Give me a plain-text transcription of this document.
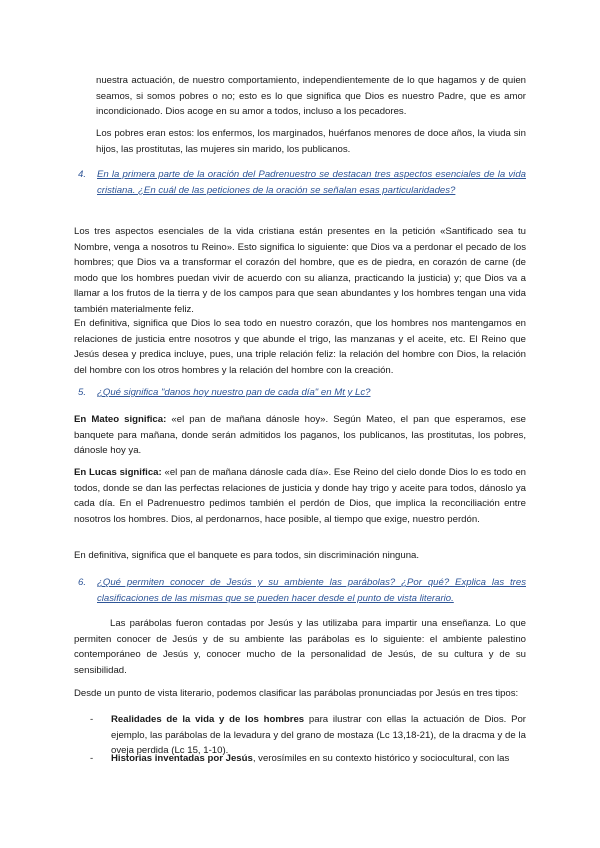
nuestra actuación, de nuestro comportamiento, independientemente de lo que hagamos y de quien seamos, si somos pobres o no; esto es lo que significa que Dios es nuestro Padre, que es amor incondicionado. Dios acoge en su amor a todos, incluso a los pecadores.

Los pobres eran estos: los enfermos, los marginados, huérfanos menores de doce años, la viuda sin hijos, las prostitutas, las mujeres sin marido, los publicanos.

4. En la primera parte de la oración del Padrenuestro se destacan tres aspectos esenciales de la vida cristiana. ¿En cuál de las peticiones de la oración se señalan esas particularidades?

Los tres aspectos esenciales de la vida cristiana están presentes en la petición «Santificado sea tu Nombre, venga a nosotros tu Reino». Esto significa lo siguiente: que Dios va a perdonar el pecado de los hombres; que Dios va a transformar el corazón del hombre, que es de piedra, en corazón de carne (de modo que los hombres puedan vivir de acuerdo con su alianza, practicando la justicia) y; que Dios va a llamar a los frutos de la tierra y de los campos para que sean abundantes y los hombres tengan una vida también materialmente feliz.

En definitiva, significa que Dios lo sea todo en nuestro corazón, que los hombres nos mantengamos en relaciones de justicia entre nosotros y que abunde el trigo, las manzanas y el aceite, etc. El Reino que Jesús desea y predica incluye, pues, una triple relación feliz: la relación del hombre con Dios, la relación del hombre con los otros hombres y la relación del hombre con la creación.

5. ¿Qué significa "danos hoy nuestro pan de cada día" en Mt y Lc?

En Mateo significa: «el pan de mañana dánosle hoy». Según Mateo, el pan que esperamos, ese banquete para mañana, donde serán admitidos los paganos, los publicanos, las prostitutas, los pobres, dánosle hoy ya.

En Lucas significa: «el pan de mañana dánosle cada día». Ese Reino del cielo donde Dios lo es todo en todos, donde se dan las perfectas relaciones de justicia y donde hay trigo y aceite para todos, dánoslo ya cada día. En el Padrenuestro pedimos también el perdón de Dios, que implica la reconciliación entre nosotros los hombres. Dios, al perdonarnos, hace posible, al tiempo que exige, nuestro perdón.

En definitiva, significa que el banquete es para todos, sin discriminación ninguna.

6. ¿Qué permiten conocer de Jesús y su ambiente las parábolas? ¿Por qué? Explica las tres clasificaciones de las mismas que se pueden hacer desde el punto de vista literario.

Las parábolas fueron contadas por Jesús y las utilizaba para impartir una enseñanza. Lo que permiten conocer de Jesús y de su ambiente las parábolas es lo siguiente: el ambiente palestino contemporáneo de Jesús y, conocer mucho de la personalidad de Jesús, de su cultura y de su sensibilidad.

Desde un punto de vista literario, podemos clasificar las parábolas pronunciadas por Jesús en tres tipos:

- Realidades de la vida y de los hombres para ilustrar con ellas la actuación de Dios. Por ejemplo, las parábolas de la levadura y del grano de mostaza (Lc 13,18-21), de la dracma y de la oveja perdida (Lc 15, 1-10).

- Historias inventadas por Jesús, verosímiles en su contexto histórico y sociocultural, con las
